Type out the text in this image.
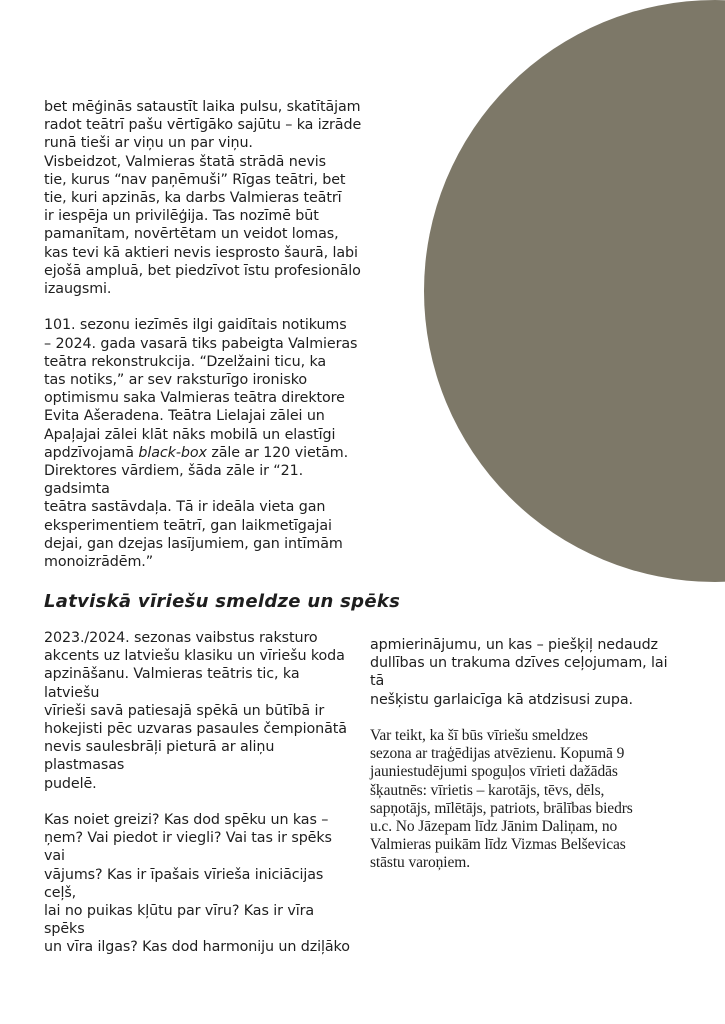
bet mēģinās sataustīt laika pulsu, skatītājam
radot teātrī pašu vērtīgāko sajūtu – ka izrāde
runā tieši ar viņu un par viņu.
Visbeidzot, Valmieras štatā strādā nevis
tie, kurus “nav paņēmuši” Rīgas teātri, bet
tie, kuri apzinās, ka darbs Valmieras teātrī
ir iespēja un privilēģija. Tas nozīmē būt
pamanītam, novērtētam un veidot lomas,
kas tevi kā aktieri nevis iesprosto šaurā, labi
ejošā ampluā, bet piedzīvot īstu profesionālo
izaugsmi.

101. sezonu iezīmēs ilgi gaidītais notikums
– 2024. gada vasarā tiks pabeigta Valmieras
teātra rekonstrukcija. “Dzelžaini ticu, ka
tas notiks,” ar sev raksturīgo ironisko
optimismu saka Valmieras teātra direktore
Evita Ašeradena. Teātra Lielajai zālei un
Apaļajai zālei klāt nāks mobilā un elastīgi
apdzīvojamā black-box zāle ar 120 vietām.
Direktores vārdiem, šāda zāle ir “21. gadsimta
teātra sastāvdaļa. Tā ir ideāla vieta gan
eksperimentiem teātrī, gan laikmetīgajai
dejai, gan dzejas lasījumiem, gan intīmām
monoizrādēm.”

Latviskā vīriešu smeldze un spēks

2023./2024. sezonas vaibstus raksturo
akcents uz latviešu klasiku un vīriešu koda
apzināšanu. Valmieras teātris tic, ka latviešu
vīrieši savā patiesajā spēkā un būtībā ir
hokejisti pēc uzvaras pasaules čempionātā
nevis saulesbrāļi pieturā ar aliņu plastmasas
pudelē.

Kas noiet greizi? Kas dod spēku un kas –
ņem? Vai piedot ir viegli? Vai tas ir spēks vai
vājums? Kas ir īpašais vīrieša iniciācijas ceļš,
lai no puikas kļūtu par vīru? Kas ir vīra spēks
un vīra ilgas? Kas dod harmoniju un dziļāko

apmierinājumu, un kas – piešķiļ nedaudz
dullības un trakuma dzīves ceļojumam, lai tā
nešķistu garlaicīga kā atdzisusi zupa.

Var teikt, ka šī būs vīriešu smeldzes
sezona ar traģēdijas atvēzienu. Kopumā 9
jauniestudējumi spoguļos vīrieti dažādās
šķautnēs: vīrietis – karotājs, tēvs, dēls,
sapņotājs, mīlētājs, patriots, brālības biedrs
u.c. No Jāzepam līdz Jānim Daliņam, no
Valmieras puikām līdz Vizmas Belševicas
stāstu varoņiem.
